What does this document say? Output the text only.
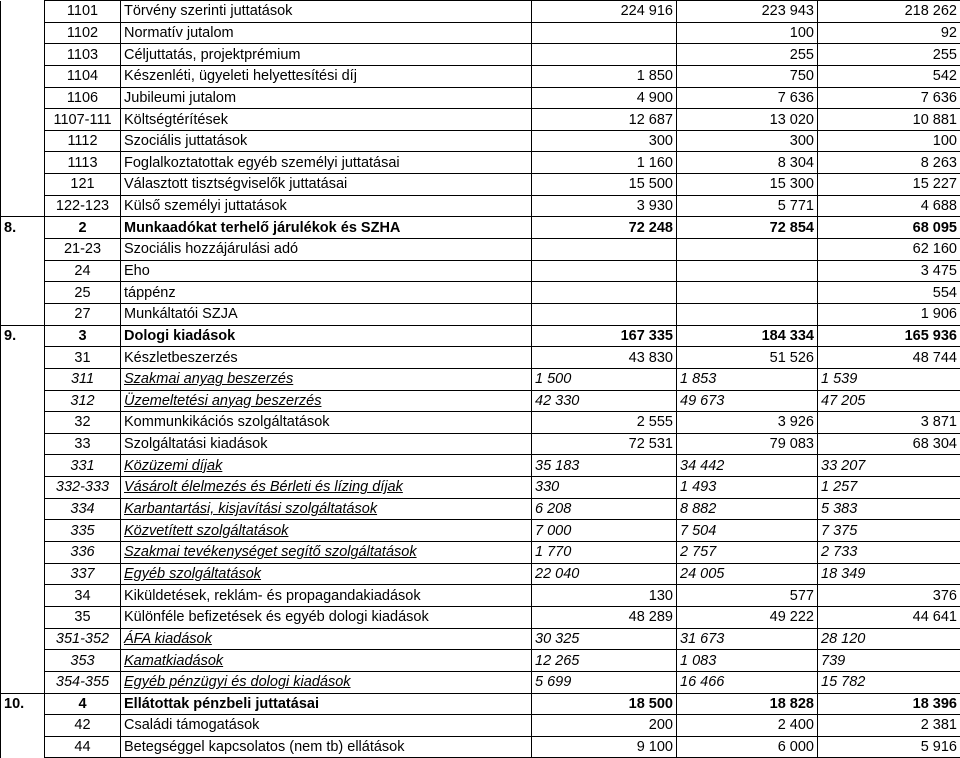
	1101	Törvény szerinti juttatások	224 916	223 943	218 262
	1102	Normatív jutalom		100	92
	1103	Céljuttatás, projektprémium		255	255
	1104	Készenléti, ügyeleti helyettesítési díj	1 850	750	542
	1106	Jubileumi jutalom	4 900	7 636	7 636
	1107-111	Költségtérítések	12 687	13 020	10 881
	1112	Szociális juttatások	300	300	100
	1113	Foglalkoztatottak egyéb személyi juttatásai	1 160	8 304	8 263
	121	Választott tisztségviselők juttatásai	15 500	15 300	15 227
	122-123	Külső személyi juttatások	3 930	5 771	4 688
8.	2	Munkaadókat terhelő járulékok és SZHA	72 248	72 854	68 095
	21-23	Szociális hozzájárulási adó			62 160
	24	Eho			3 475
	25	táppénz			554
	27	Munkáltatói SZJA			1 906
9.	3	Dologi kiadások	167 335	184 334	165 936
	31	Készletbeszerzés	43 830	51 526	48 744
	311	Szakmai anyag beszerzés	1 500	1 853	1 539
	312	Üzemeltetési anyag beszerzés	42 330	49 673	47 205
	32	Kommunkikációs szolgáltatások	2 555	3 926	3 871
	33	Szolgáltatási kiadások	72 531	79 083	68 304
	331	Közüzemi díjak	35 183	34 442	33 207
	332-333	Vásárolt élelmezés és Bérleti és lízing díjak	330	1 493	1 257
	334	Karbantartási, kisjavítási szolgáltatások	6 208	8 882	5 383
	335	Közvetített szolgáltatások	7 000	7 504	7 375
	336	Szakmai tevékenységet segítő szolgáltatások	1 770	2 757	2 733
	337	Egyéb szolgáltatások	22 040	24 005	18 349
	34	Kiküldetések, reklám- és propagandakiadások	130	577	376
	35	Különféle befizetések és egyéb dologi kiadások	48 289	49 222	44 641
	351-352	ÁFA kiadások	30 325	31 673	28 120
	353	Kamatkiadások	12 265	1 083	739
	354-355	Egyéb pénzügyi és dologi kiadások	5 699	16 466	15 782
10.	4	Ellátottak pénzbeli juttatásai	18 500	18 828	18 396
	42	Családi támogatások	200	2 400	2 381
	44	Betegséggel kapcsolatos (nem tb) ellátások	9 100	6 000	5 916
